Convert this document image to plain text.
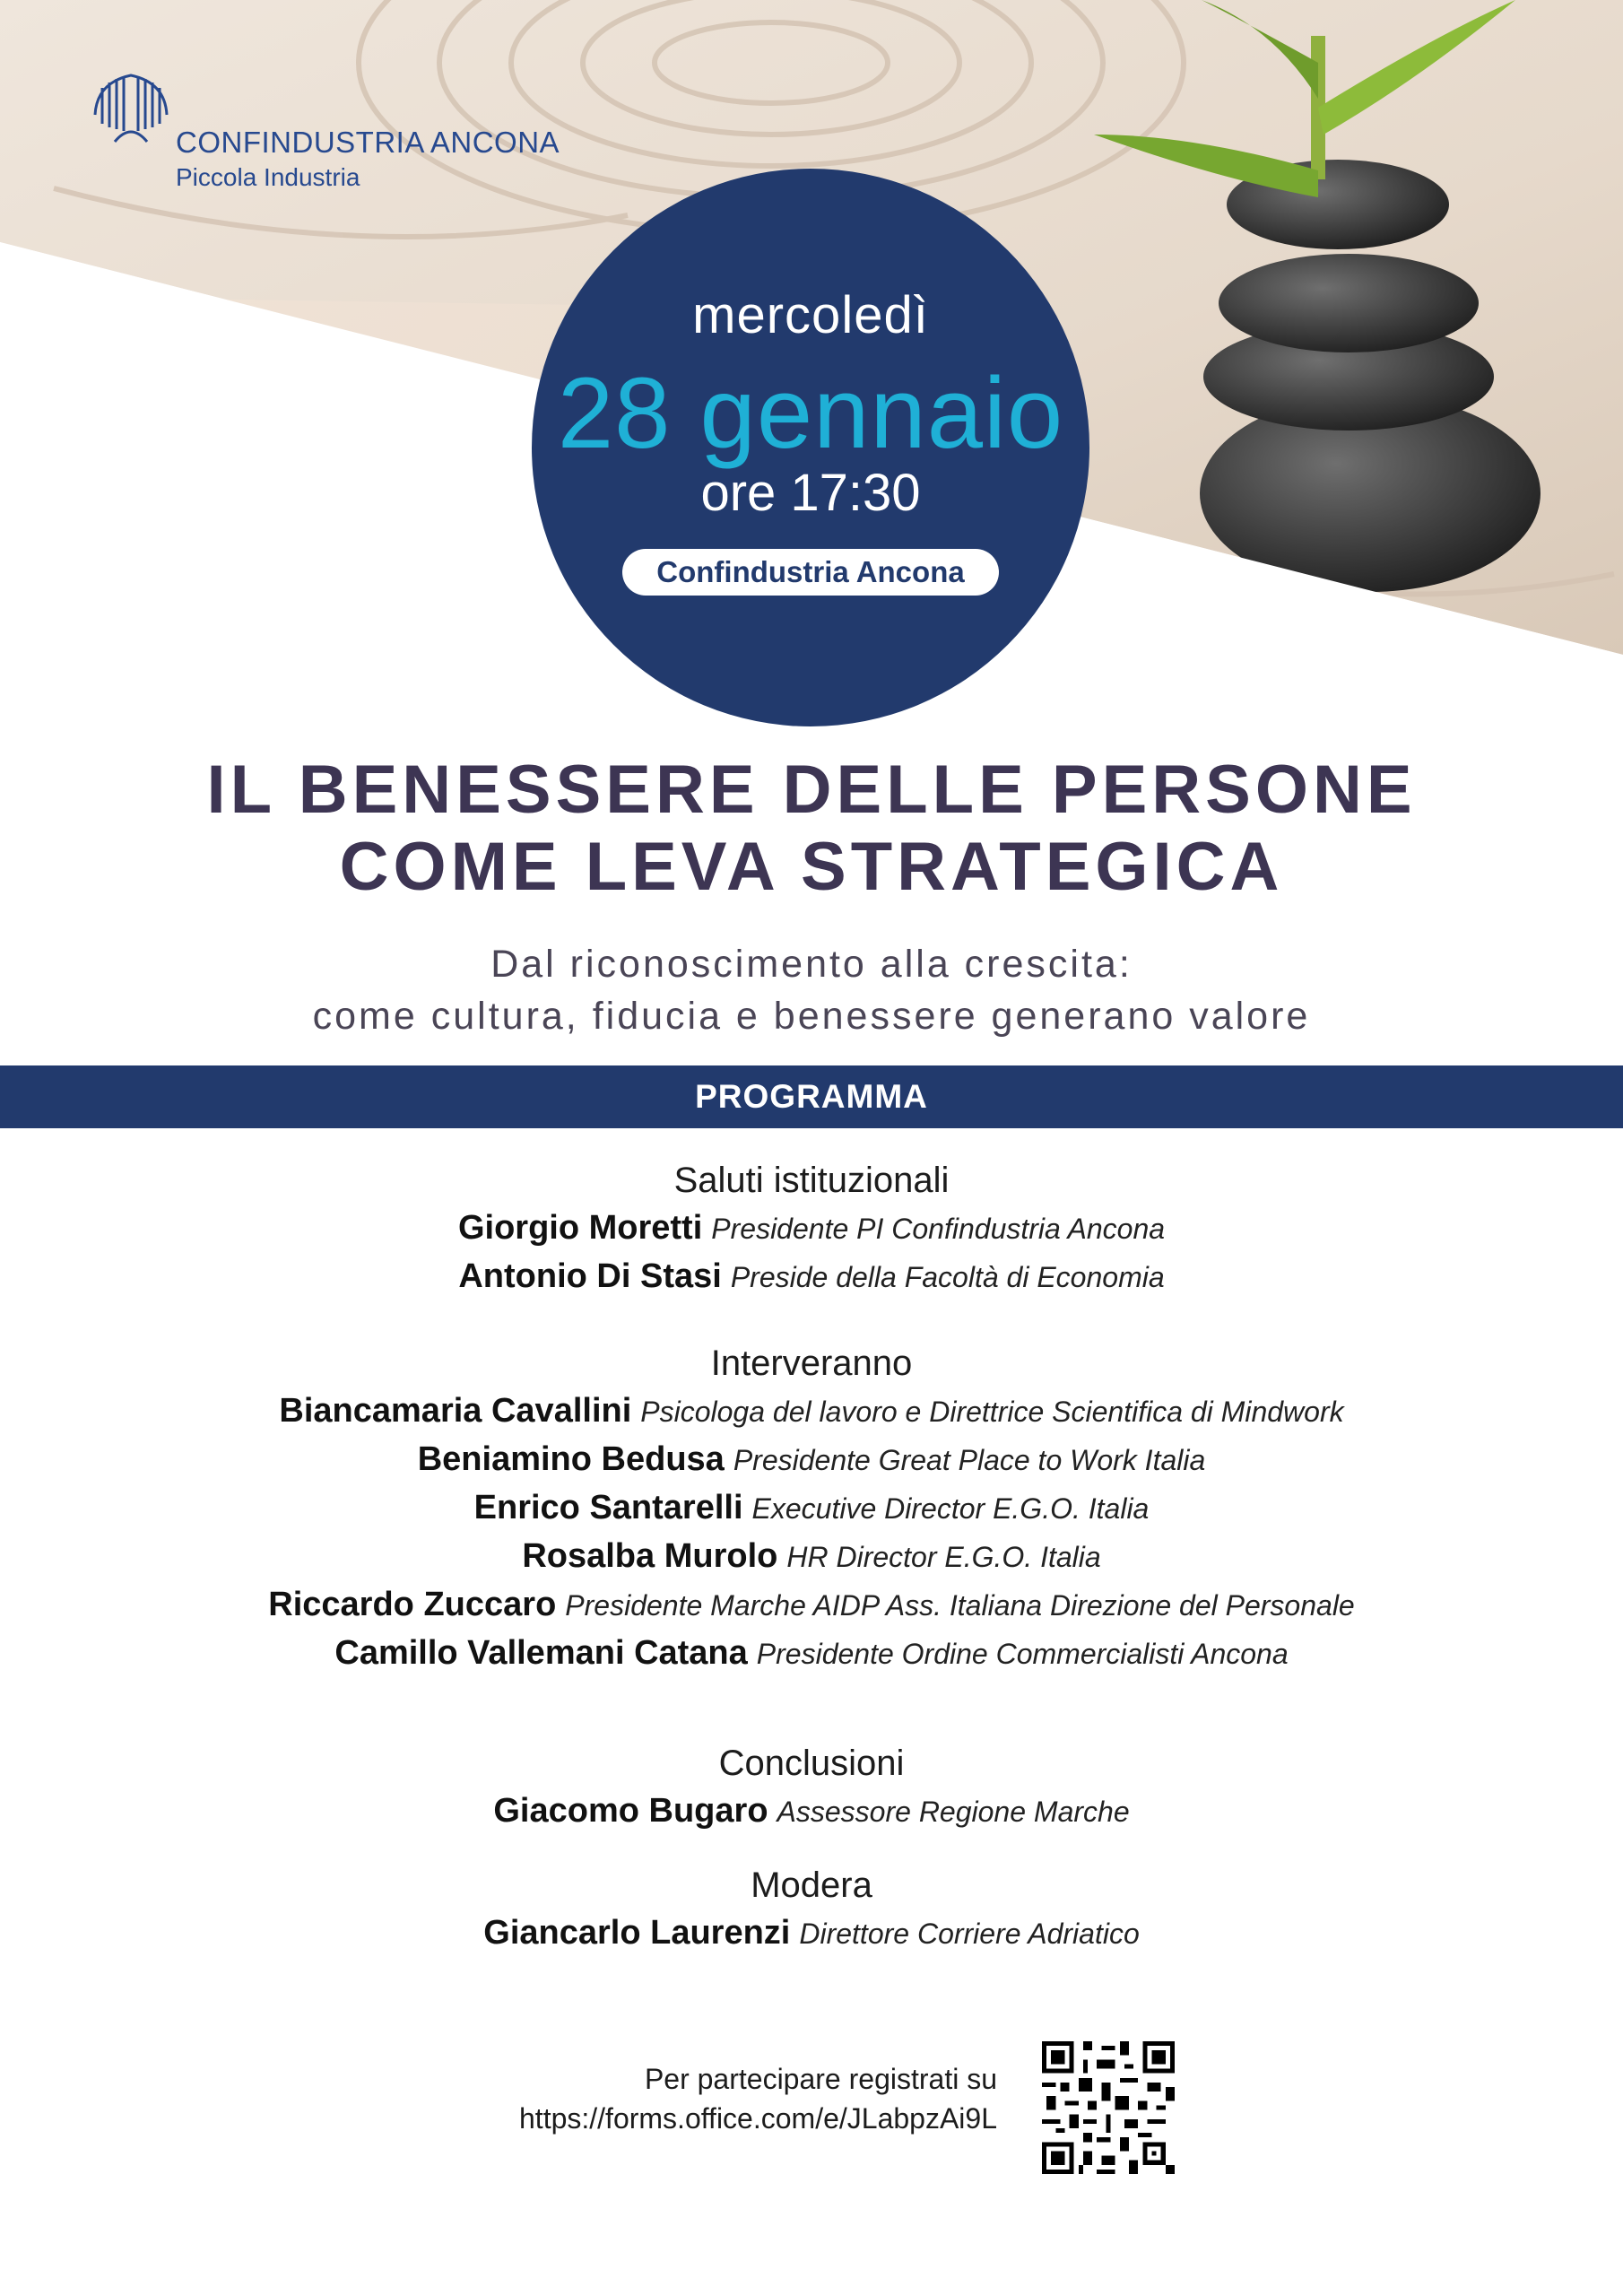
CONFINDUSTRIA ANCONA
Piccola Industria
mercoledì
28 gennaio
ore 17:30
Confindustria Ancona
IL BENESSERE DELLE PERSONE
COME LEVA STRATEGICA
Dal riconoscimento alla crescita:
come cultura, fiducia e benessere generano valore
PROGRAMMA
Saluti istituzionali
Giorgio Moretti Presidente PI Confindustria Ancona
Antonio Di Stasi Preside della Facoltà di Economia
Interveranno
Biancamaria Cavallini Psicologa del lavoro e Direttrice Scientifica di Mindwork
Beniamino Bedusa Presidente Great Place to Work Italia
Enrico Santarelli Executive Director E.G.O. Italia
Rosalba Murolo HR Director E.G.O. Italia
Riccardo Zuccaro Presidente Marche AIDP Ass. Italiana Direzione del Personale
Camillo Vallemani Catana Presidente Ordine Commercialisti Ancona
Conclusioni
Giacomo Bugaro Assessore Regione Marche
Modera
Giancarlo Laurenzi Direttore Corriere Adriatico
Per partecipare registrati su
https://forms.office.com/e/JLabpzAi9L
